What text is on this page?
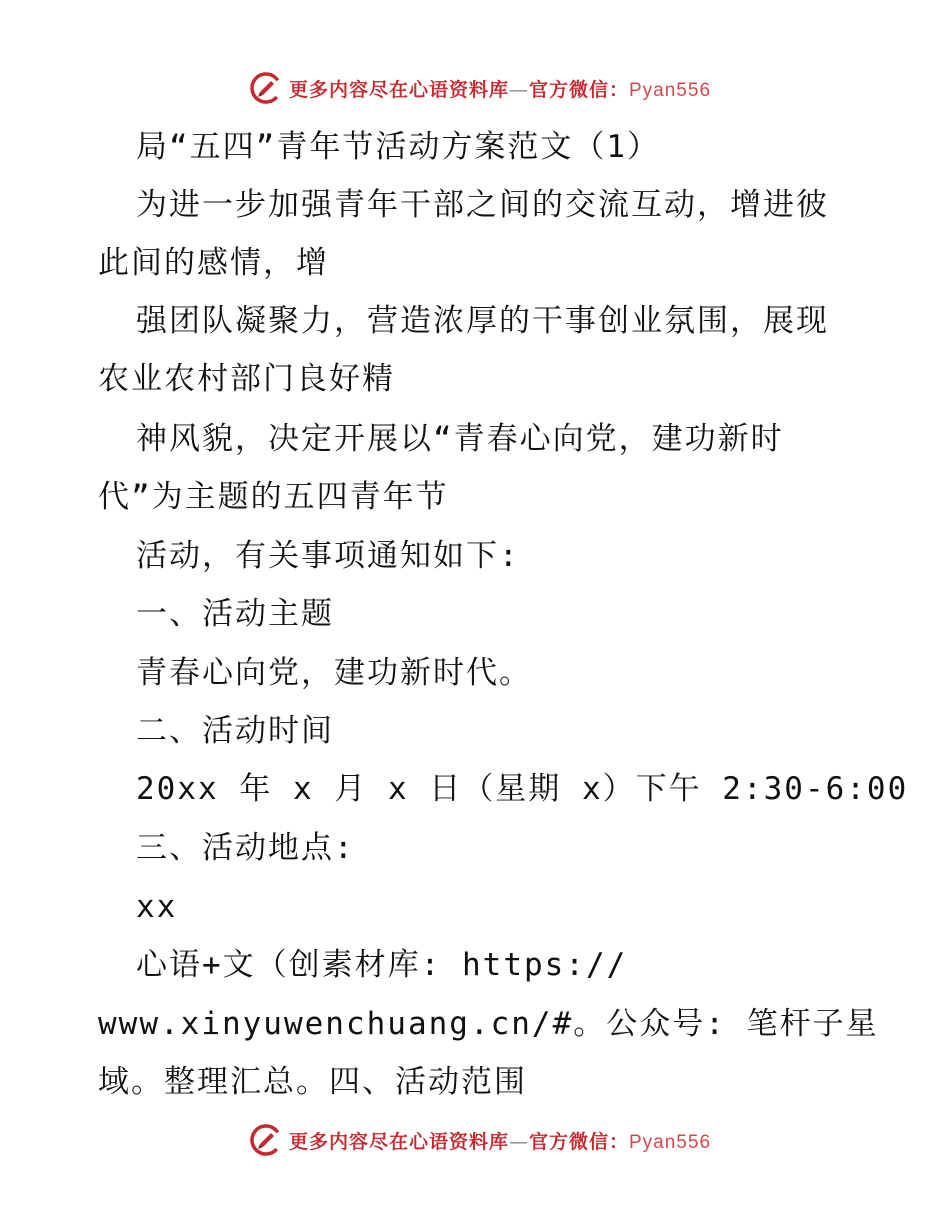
更多内容尽在心语资料库—官方微信：Pyan556
局“五四”青年节活动方案范文（1）
为进一步加强青年干部之间的交流互动，增进彼
此间的感情，增
强团队凝聚力，营造浓厚的干事创业氛围，展现
农业农村部门良好精
神风貌，决定开展以“青春心向党，建功新时
代”为主题的五四青年节
活动，有关事项通知如下:
一、活动主题
青春心向党，建功新时代。
二、活动时间
20xx 年 x 月 x 日（星期 x）下午 2:30-6:00
三、活动地点:
xx
心语+文（创素材库: https://
www.xinyuwenchuang.cn/#。公众号: 笔杆子星
域。整理汇总。四、活动范围
更多内容尽在心语资料库—官方微信：Pyan556
